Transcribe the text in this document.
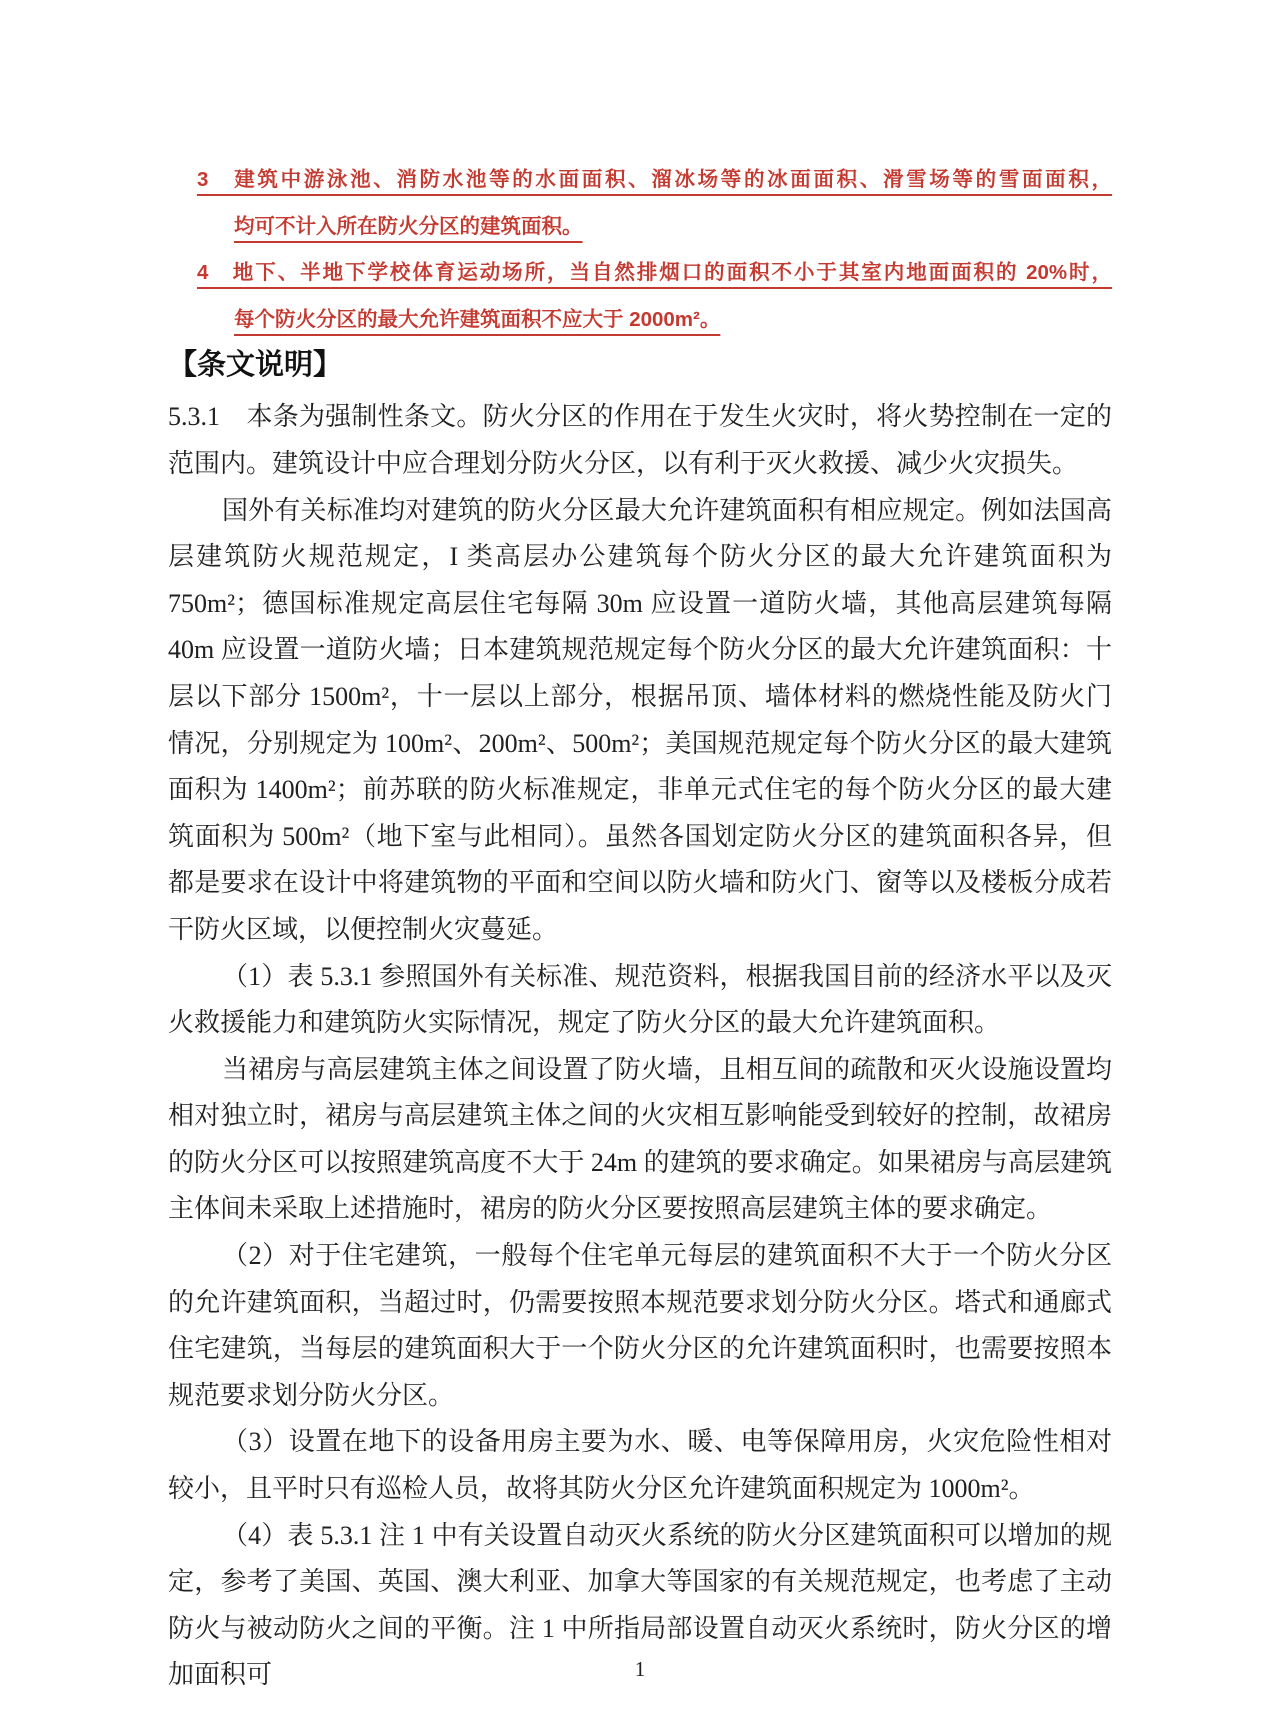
3　建筑中游泳池、消防水池等的水面面积、溜冰场等的冰面面积、滑雪场等的雪面面积，
均可不计入所在防火分区的建筑面积。
4　地下、半地下学校体育运动场所，当自然排烟口的面积不小于其室内地面面积的 20%时，
每个防火分区的最大允许建筑面积不应大于 2000m²。
【条文说明】

5.3.1　本条为强制性条文。防火分区的作用在于发生火灾时，将火势控制在一定的范围内。建筑设计中应合理划分防火分区，以有利于灭火救援、减少火灾损失。

国外有关标准均对建筑的防火分区最大允许建筑面积有相应规定。例如法国高层建筑防火规范规定，I 类高层办公建筑每个防火分区的最大允许建筑面积为 750m²；德国标准规定高层住宅每隔 30m 应设置一道防火墙，其他高层建筑每隔 40m 应设置一道防火墙；日本建筑规范规定每个防火分区的最大允许建筑面积：十层以下部分 1500m²，十一层以上部分，根据吊顶、墙体材料的燃烧性能及防火门情况，分别规定为 100m²、200m²、500m²；美国规范规定每个防火分区的最大建筑面积为 1400m²；前苏联的防火标准规定，非单元式住宅的每个防火分区的最大建筑面积为 500m²（地下室与此相同）。虽然各国划定防火分区的建筑面积各异，但都是要求在设计中将建筑物的平面和空间以防火墙和防火门、窗等以及楼板分成若干防火区域，以便控制火灾蔓延。

（1）表 5.3.1 参照国外有关标准、规范资料，根据我国目前的经济水平以及灭火救援能力和建筑防火实际情况，规定了防火分区的最大允许建筑面积。

当裙房与高层建筑主体之间设置了防火墙，且相互间的疏散和灭火设施设置均相对独立时，裙房与高层建筑主体之间的火灾相互影响能受到较好的控制，故裙房的防火分区可以按照建筑高度不大于 24m 的建筑的要求确定。如果裙房与高层建筑主体间未采取上述措施时，裙房的防火分区要按照高层建筑主体的要求确定。

（2）对于住宅建筑，一般每个住宅单元每层的建筑面积不大于一个防火分区的允许建筑面积，当超过时，仍需要按照本规范要求划分防火分区。塔式和通廊式住宅建筑，当每层的建筑面积大于一个防火分区的允许建筑面积时，也需要按照本规范要求划分防火分区。

（3）设置在地下的设备用房主要为水、暖、电等保障用房，火灾危险性相对较小，且平时只有巡检人员，故将其防火分区允许建筑面积规定为 1000m²。

（4）表 5.3.1 注 1 中有关设置自动灭火系统的防火分区建筑面积可以增加的规定，参考了美国、英国、澳大利亚、加拿大等国家的有关规范规定，也考虑了主动防火与被动防火之间的平衡。注 1 中所指局部设置自动灭火系统时，防火分区的增加面积可	1
